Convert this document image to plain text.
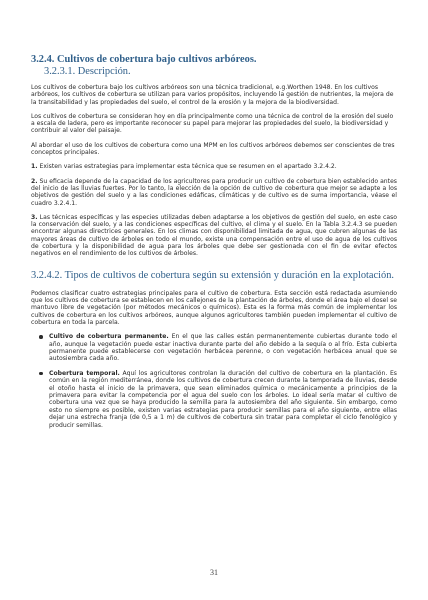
3.2.4. Cultivos de cobertura bajo cultivos arbóreos.
3.2.3.1. Descripción.

Los cultivos de cobertura bajo los cultivos arbóreos son una técnica tradicional, e.g.Worthen 1948. En los cultivos arbóreos, los cultivos de cobertura se utilizan para varios propósitos, incluyendo la gestión de nutrientes, la mejora de la transitabilidad y las propiedades del suelo, el control de la erosión y la mejora de la biodiversidad.

Los cultivos de cobertura se consideran hoy en día principalmente como una técnica de control de la erosión del suelo a escala de ladera, pero es importante reconocer su papel para mejorar las propiedades del suelo, la biodiversidad y contribuir al valor del paisaje.

Al abordar el uso de los cultivos de cobertura como una MPM en los cultivos arbóreos debemos ser conscientes de tres conceptos principales.

1. Existen varias estrategias para implementar esta técnica que se resumen en el apartado 3.2.4.2.

2. Su eficacia depende de la capacidad de los agricultores para producir un cultivo de cobertura bien establecido antes del inicio de las lluvias fuertes. Por lo tanto, la elección de la opción de cultivo de cobertura que mejor se adapte a los objetivos de gestión del suelo y a las condiciones edáficas, climáticas y de cultivo es de suma importancia, véase el cuadro 3.2.4.1.

3. Las técnicas específicas y las especies utilizadas deben adaptarse a los objetivos de gestión del suelo, en este caso la conservación del suelo, y a las condiciones específicas del cultivo, el clima y el suelo. En la Tabla 3.2.4.3 se pueden encontrar algunas directrices generales. En los climas con disponibilidad limitada de agua, que cubren algunas de las mayores áreas de cultivo de árboles en todo el mundo, existe una compensación entre el uso de agua de los cultivos de cobertura y la disponibilidad de agua para los árboles que debe ser gestionada con el fin de evitar efectos negativos en el rendimiento de los cultivos de árboles.

3.2.4.2. Tipos de cultivos de cobertura según su extensión y duración en la explotación.

Podemos clasificar cuatro estrategias principales para el cultivo de cobertura. Esta sección está redactada asumiendo que los cultivos de cobertura se establecen en los callejones de la plantación de árboles, donde el área bajo el dosel se mantuvo libre de vegetación (por métodos mecánicos o químicos). Esta es la forma más común de implementar los cultivos de cobertura en los cultivos arbóreos, aunque algunos agricultores también pueden implementar el cultivo de cobertura en toda la parcela.

Cultivo de cobertura permanente. En el que las calles están permanentemente cubiertas durante todo el año, aunque la vegetación puede estar inactiva durante parte del año debido a la sequía o al frío. Esta cubierta permanente puede establecerse con vegetación herbácea perenne, o con vegetación herbácea anual que se autosiembra cada año.
Cobertura temporal. Aquí los agricultores controlan la duración del cultivo de cobertura en la plantación. Es común en la región mediterránea, donde los cultivos de cobertura crecen durante la temporada de lluvias, desde el otoño hasta el inicio de la primavera, que sean eliminados química o mecánicamente a principios de la primavera para evitar la competencia por el agua del suelo con los árboles. Lo ideal sería matar el cultivo de cobertura una vez que se haya producido la semilla para la autosiembra del año siguiente. Sin embargo, como esto no siempre es posible, existen varias estrategias para producir semillas para el año siguiente, entre ellas dejar una estrecha franja (de 0,5 a 1 m) de cultivos de cobertura sin tratar para completar el ciclo fenológico y producir semillas.
31
